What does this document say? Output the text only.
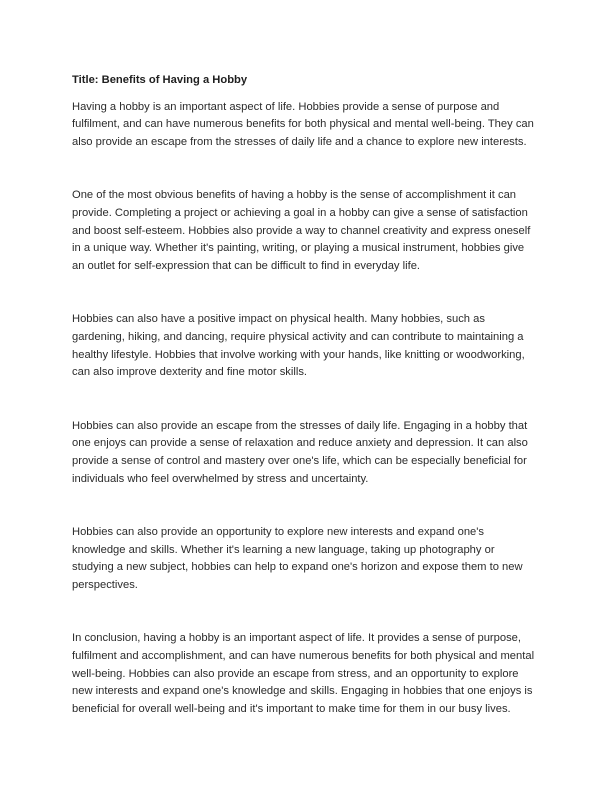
Title: Benefits of Having a Hobby

Having a hobby is an important aspect of life. Hobbies provide a sense of purpose and fulfilment, and can have numerous benefits for both physical and mental well-being. They can also provide an escape from the stresses of daily life and a chance to explore new interests.

One of the most obvious benefits of having a hobby is the sense of accomplishment it can provide. Completing a project or achieving a goal in a hobby can give a sense of satisfaction and boost self-esteem. Hobbies also provide a way to channel creativity and express oneself in a unique way. Whether it's painting, writing, or playing a musical instrument, hobbies give an outlet for self-expression that can be difficult to find in everyday life.

Hobbies can also have a positive impact on physical health. Many hobbies, such as gardening, hiking, and dancing, require physical activity and can contribute to maintaining a healthy lifestyle. Hobbies that involve working with your hands, like knitting or woodworking, can also improve dexterity and fine motor skills.

Hobbies can also provide an escape from the stresses of daily life. Engaging in a hobby that one enjoys can provide a sense of relaxation and reduce anxiety and depression. It can also provide a sense of control and mastery over one's life, which can be especially beneficial for individuals who feel overwhelmed by stress and uncertainty.

Hobbies can also provide an opportunity to explore new interests and expand one's knowledge and skills. Whether it's learning a new language, taking up photography or studying a new subject, hobbies can help to expand one's horizon and expose them to new perspectives.

In conclusion, having a hobby is an important aspect of life. It provides a sense of purpose, fulfilment and accomplishment, and can have numerous benefits for both physical and mental well-being. Hobbies can also provide an escape from stress, and an opportunity to explore new interests and expand one's knowledge and skills. Engaging in hobbies that one enjoys is beneficial for overall well-being and it's important to make time for them in our busy lives.
